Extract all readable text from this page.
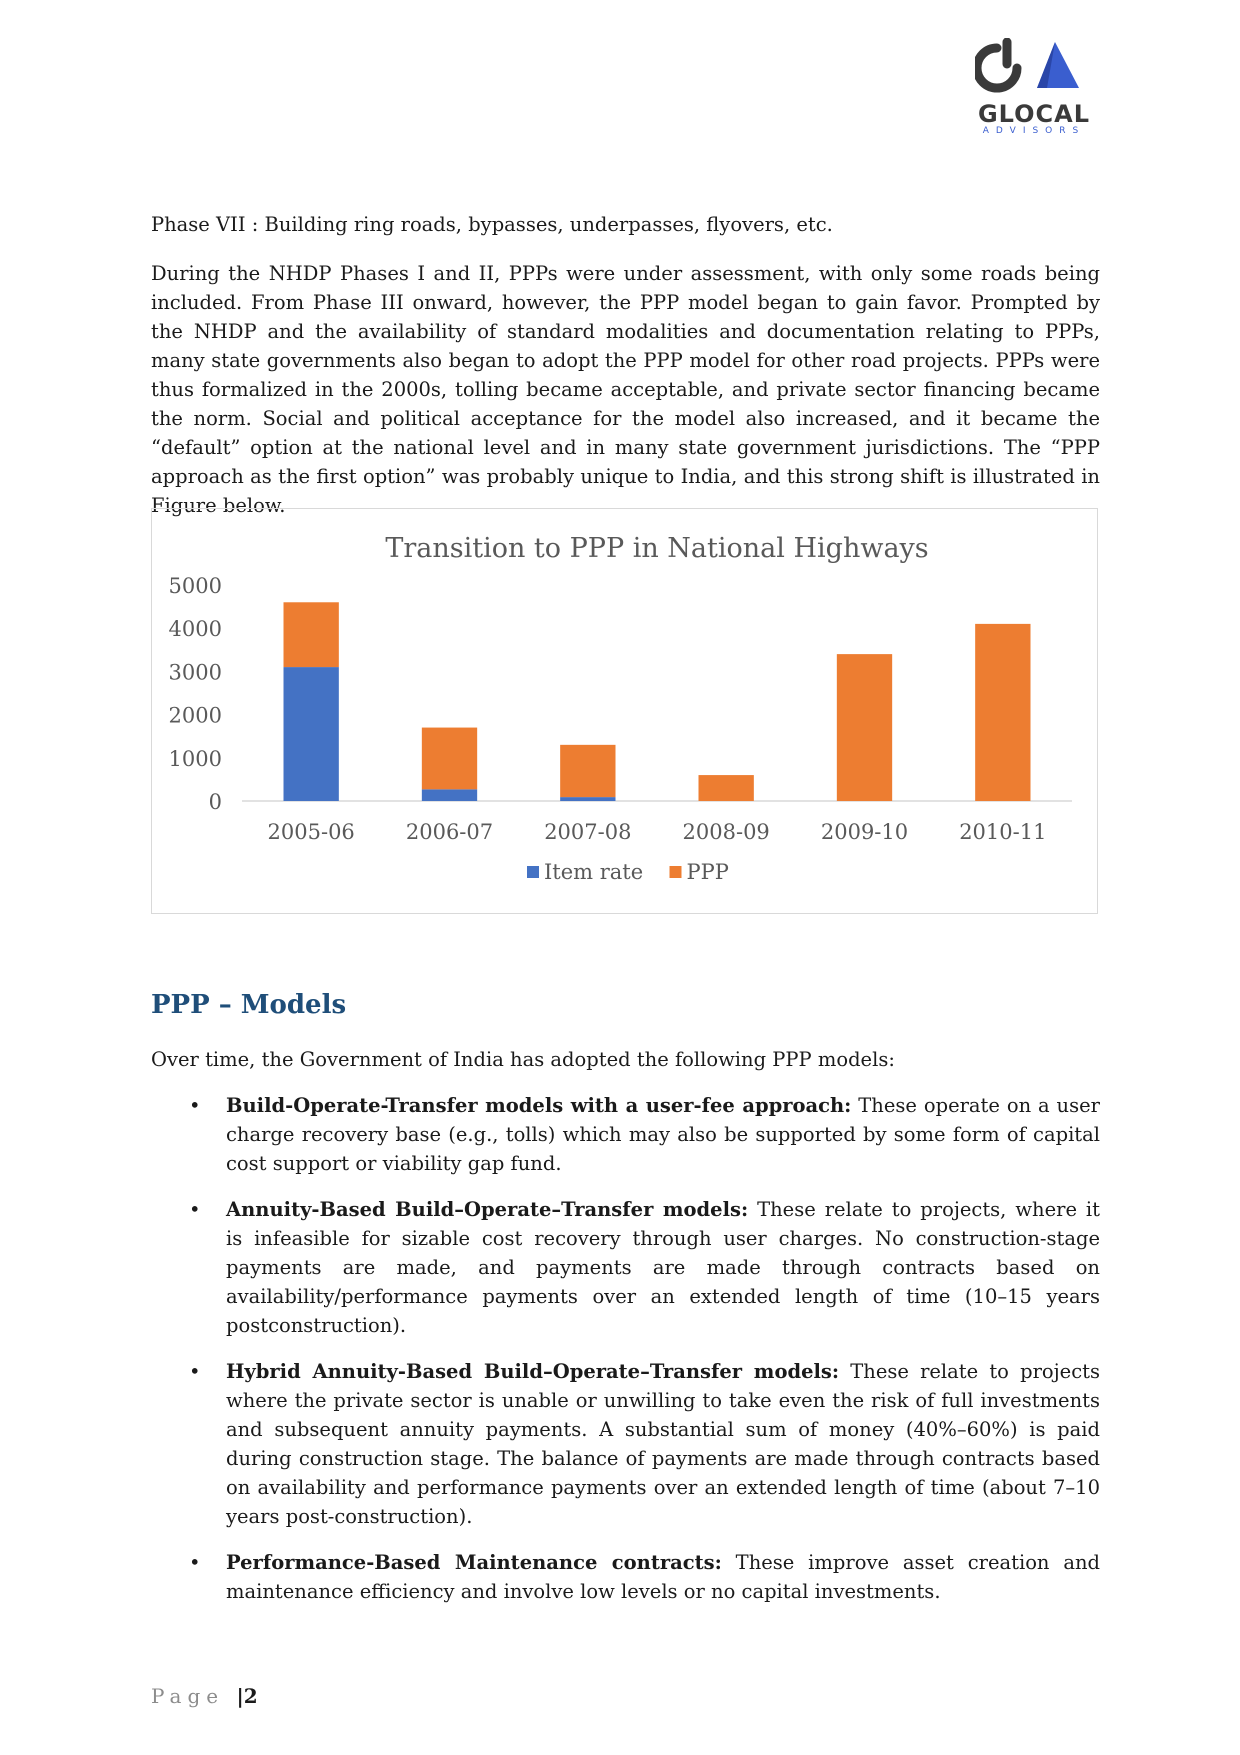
GLOCAL
ADVISORS

Phase VII : Building ring roads, bypasses, underpasses, flyovers, etc.

During the NHDP Phases I and II, PPPs were under assessment, with only some roads being included. From Phase III onward, however, the PPP model began to gain favor. Prompted by the NHDP and the availability of standard modalities and documentation relating to PPPs, many state governments also began to adopt the PPP model for other road projects. PPPs were thus formalized in the 2000s, tolling became acceptable, and private sector financing became the norm. Social and political acceptance for the model also increased, and it became the “default” option at the national level and in many state government jurisdictions. The “PPP approach as the first option” was probably unique to India, and this strong shift is illustrated in Figure below.

Transition to PPP in National Highways
0
1000
2000
3000
4000
5000
2005-06 2006-07 2007-08 2008-09 2009-10 2010-11
Item rate PPP
PPP – Models

Over time, the Government of India has adopted the following PPP models:

• Build-Operate-Transfer models with a user-fee approach: These operate on a user charge recovery base (e.g., tolls) which may also be supported by some form of capital cost support or viability gap fund.
• Annuity-Based Build–Operate–Transfer models: These relate to projects, where it is infeasible for sizable cost recovery through user charges. No construction-stage payments are made, and payments are made through contracts based on availability/performance payments over an extended length of time (10–15 years postconstruction).
• Hybrid Annuity-Based Build–Operate–Transfer models: These relate to projects where the private sector is unable or unwilling to take even the risk of full investments and subsequent annuity payments. A substantial sum of money (40%–60%) is paid during construction stage. The balance of payments are made through contracts based on availability and performance payments over an extended length of time (about 7–10 years post-construction).
• Performance-Based Maintenance contracts: These improve asset creation and maintenance efficiency and involve low levels or no capital investments.
Page |2
